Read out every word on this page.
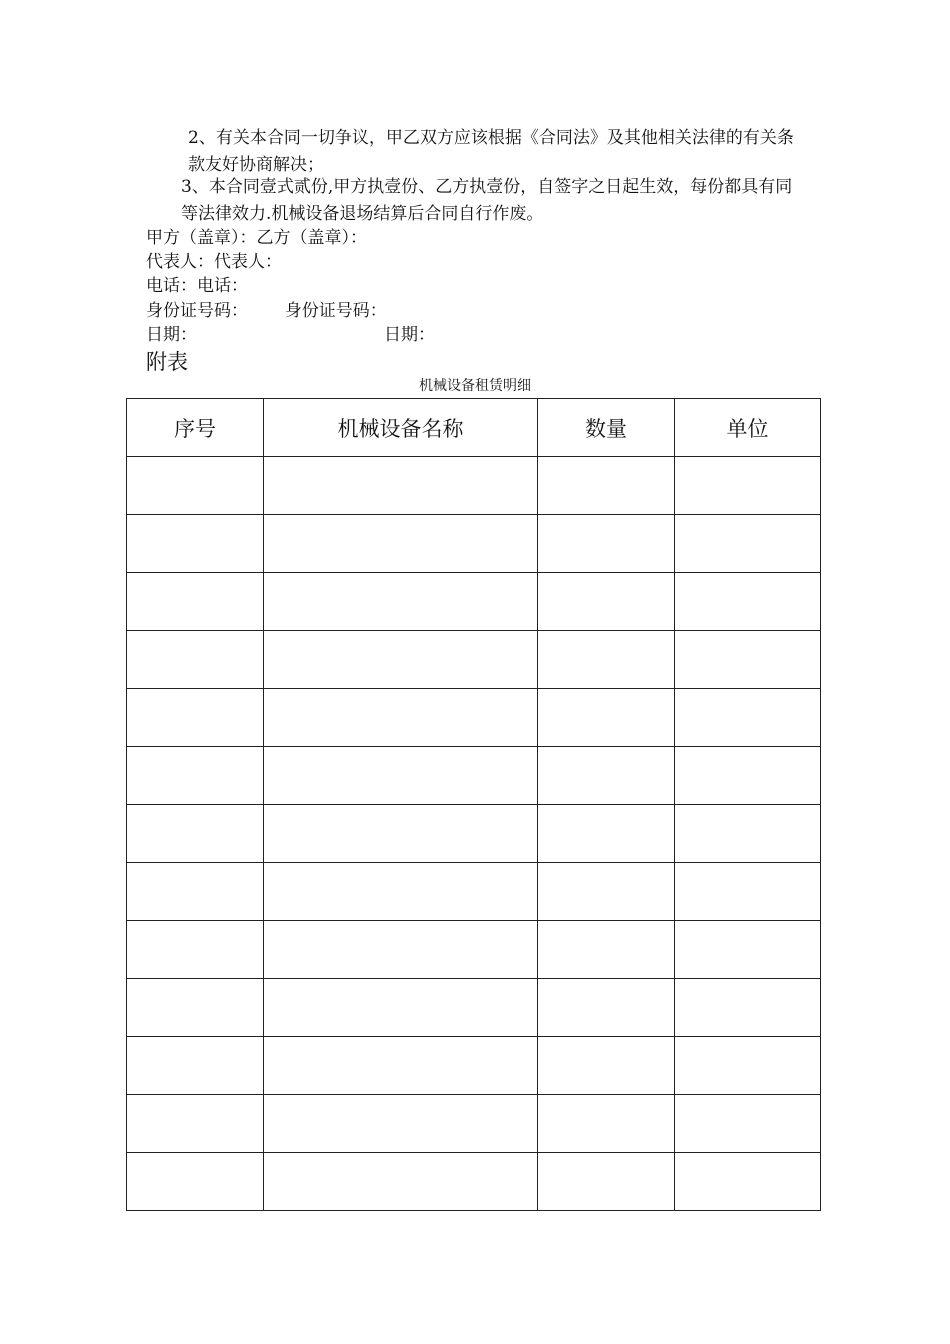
2、有关本合同一切争议，甲乙双方应该根据《合同法》及其他相关法律的有关条款友好协商解决；
3、本合同壹式贰份,甲方执壹份、乙方执壹份，自签字之日起生效，每份都具有同等法律效力.机械设备退场结算后合同自行作废。
甲方（盖章）：乙方（盖章）：
代表人：代表人：
电话：电话：
身份证号码： 身份证号码：
日期：	日期：
附表
机械设备租赁明细
序号	机械设备名称	数量	单位
